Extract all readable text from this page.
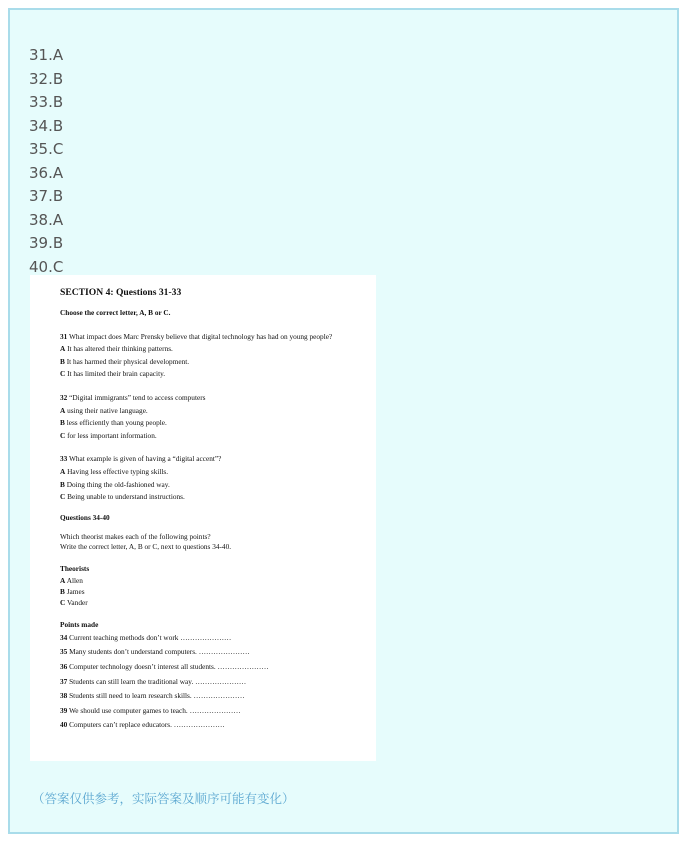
31.A
32.B
33.B
34.B
35.C
36.A
37.B
38.A
39.B
40.C
SECTION 4: Questions 31-33
Choose the correct letter, A, B or C.
31 What impact does Marc Prensky believe that digital technology has had on young people?
A It has altered their thinking patterns.
B It has harmed their physical development.
C It has limited their brain capacity.
32 “Digital immigrants” tend to access computers
A using their native language.
B less efficiently than young people.
C for less important information.
33 What example is given of having a “digital accent”?
A Having less effective typing skills.
B Doing thing the old-fashioned way.
C Being unable to understand instructions.
Questions 34-40
Which theorist makes each of the following points?
Write the correct letter, A, B or C, next to questions 34-40.
Theorists
A Allen
B James
C Vander
Points made
34 Current teaching methods don’t work …………………
35 Many students don’t understand computers. …………………
36 Computer technology doesn’t interest all students. …………………
37 Students can still learn the traditional way. …………………
38 Students still need to learn research skills. …………………
39 We should use computer games to teach. …………………
40 Computers can’t replace educators. …………………
（答案仅供参考，实际答案及顺序可能有变化）
